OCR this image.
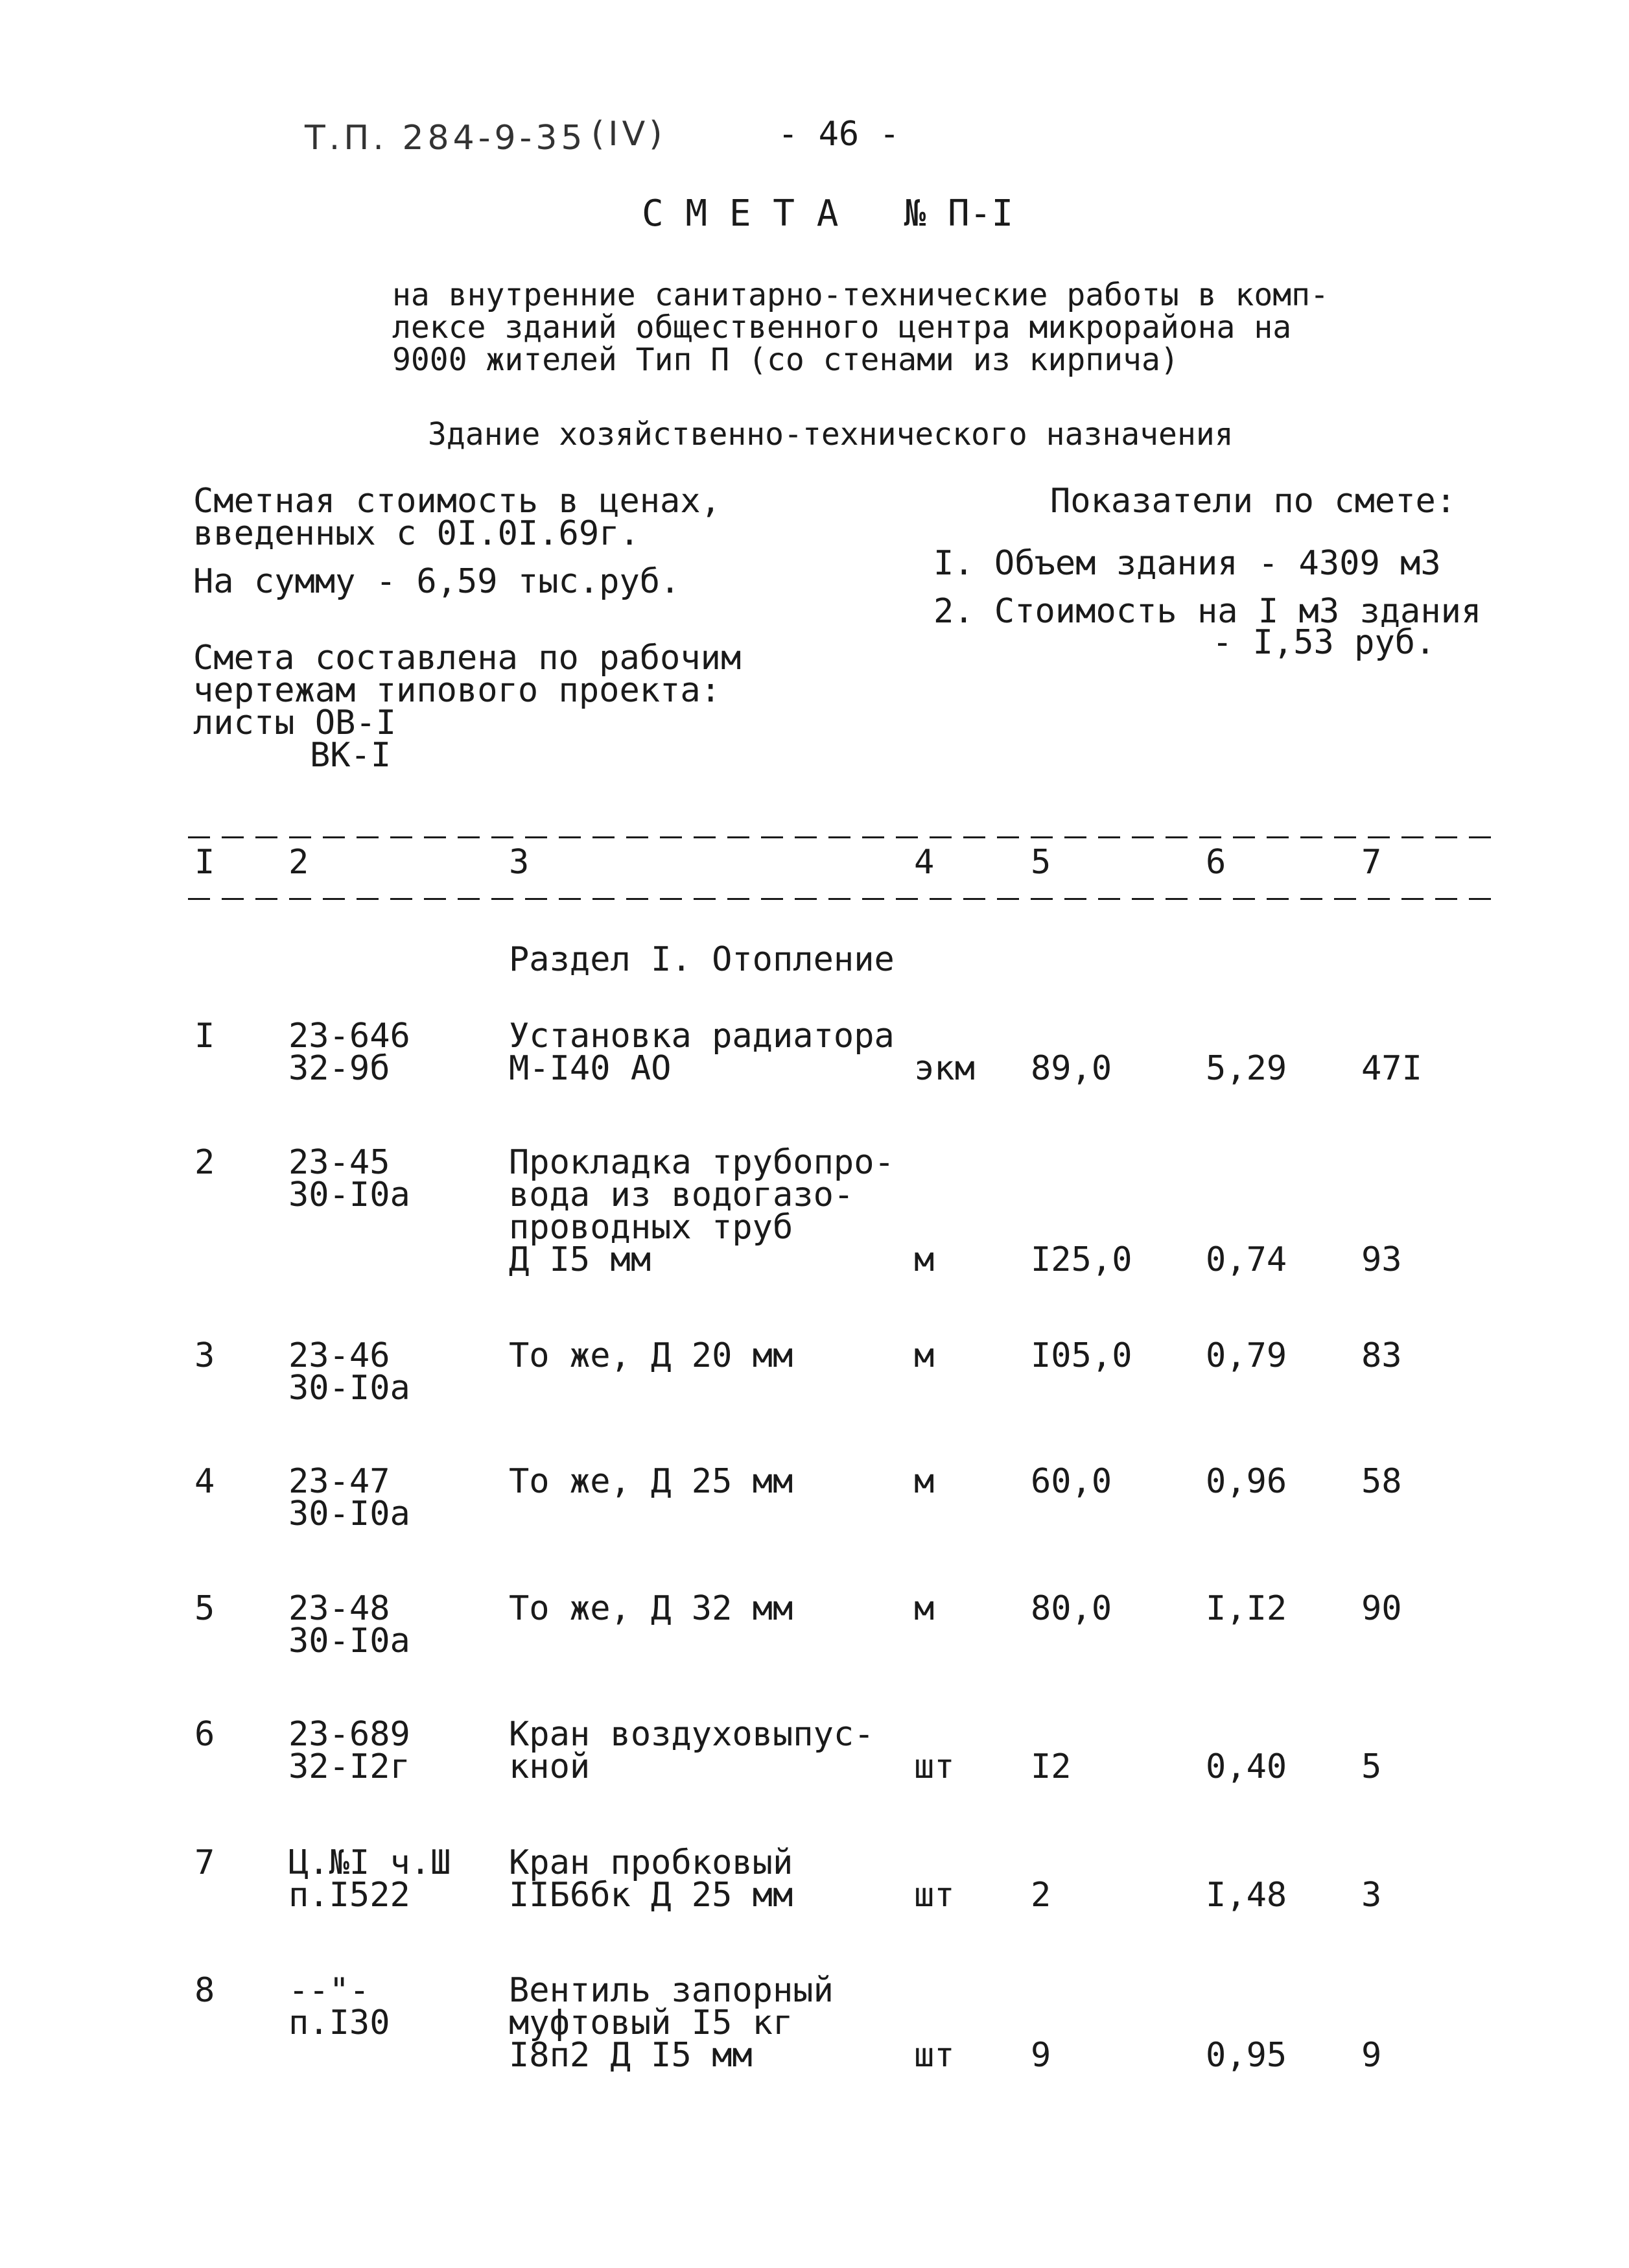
Т.П. 284-9-35 (IV)	- 46 -
С М Е Т А   № П-I
на внутренние санитарно-технические работы в комп-
лексе зданий общественного центра микрорайона на
9000 жителей Тип П (со стенами из кирпича)
Здание хозяйственно-технического назначения
Сметная стоимость в ценах,
введенных с 0I.0I.69г.
На сумму - 6,59 тыс.руб.
Смета составлена по рабочим
чертежам типового проекта:
листы ОВ-I
ВК-I
Показатели по смете:
I. Объем здания - 4309 м3
2. Стоимость на I м3 здания
- I,53 руб.
I 2	3	4	5	6	7
Раздел I. Отопление
I 23-646
32-9б
Установка радиатора
М-I40 АО	экм 89,0	5,29 47I
2 23-45
30-I0а
Прокладка трубопро-
вода из водогазо-
проводных труб
Д I5 мм	м	I25,0 0,74 93
3 23-46
30-I0а
То же, Д 20 мм	м	I05,0 0,79 83
4 23-47
30-I0а
То же, Д 25 мм	м	60,0	0,96 58
5 23-48
30-I0а
То же, Д 32 мм	м	80,0	I,I2 90
6 23-689
32-I2г
Кран воздуховыпус-
кной	шт I2	0,40 5
7 Ц.№I ч.Ш
п.I522
Кран пробковый
IIБ6бк Д 25 мм	шт 2	I,48 3
8 --"-
п.I30
Вентиль запорный
муфтовый I5 кг
I8п2 Д I5 мм	шт 9	0,95 9
